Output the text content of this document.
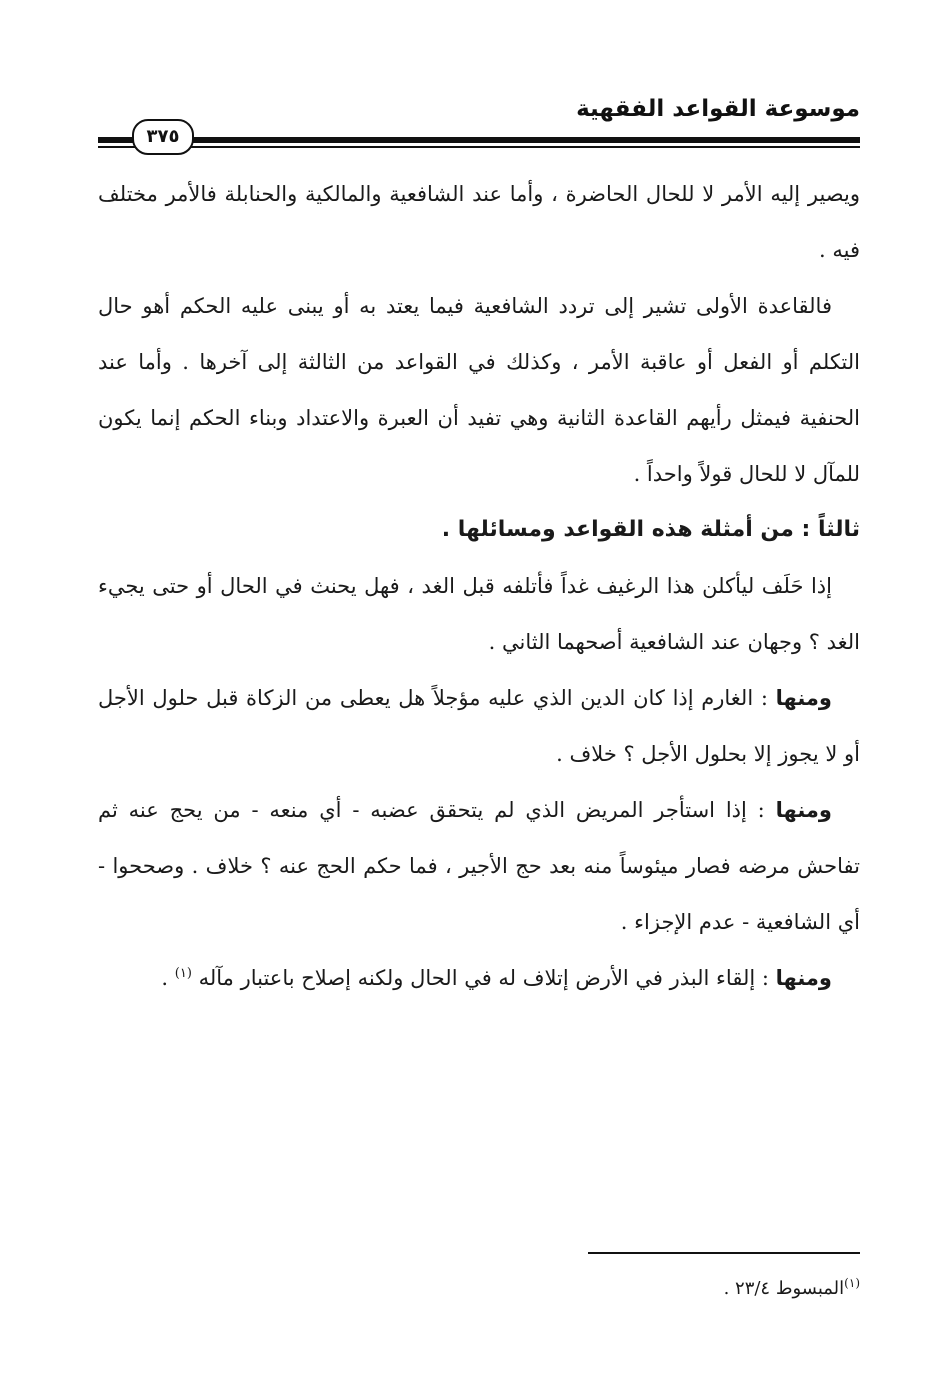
موسوعة القواعد الفقهية
٣٧٥

ويصير إليه الأمر لا للحال الحاضرة ، وأما عند الشافعية والمالكية والحنابلة فالأمر مختلف فيه .

فالقاعدة الأولى تشير إلى تردد الشافعية فيما يعتد به أو يبنى عليه الحكم أهو حال التكلم أو الفعل أو عاقبة الأمر ، وكذلك في القواعد من الثالثة إلى آخرها . وأما عند الحنفية فيمثل رأيهم القاعدة الثانية وهي تفيد أن العبرة والاعتداد وبناء الحكم إنما يكون للمآل لا للحال قولاً واحداً .

ثالثاً : من أمثلة هذه القواعد ومسائلها .

إذا حَلَف ليأكلن هذا الرغيف غداً فأتلفه قبل الغد ، فهل يحنث في الحال أو حتى يجيء الغد ؟ وجهان عند الشافعية أصحهما الثاني .

ومنها : الغارم إذا كان الدين الذي عليه مؤجلاً هل يعطى من الزكاة قبل حلول الأجل أو لا يجوز إلا بحلول الأجل ؟ خلاف .

ومنها : إذا استأجر المريض الذي لم يتحقق عضبه - أي منعه - من يحج عنه ثم تفاحش مرضه فصار ميئوساً منه بعد حج الأجير ، فما حكم الحج عنه ؟ خلاف . وصححوا - أي الشافعية - عدم الإجزاء .

ومنها : إلقاء البذر في الأرض إتلاف له في الحال ولكنه إصلاح باعتبار مآله $^{(١)}$ .

$^{(١)}$المبسوط ٢٣/٤ .
